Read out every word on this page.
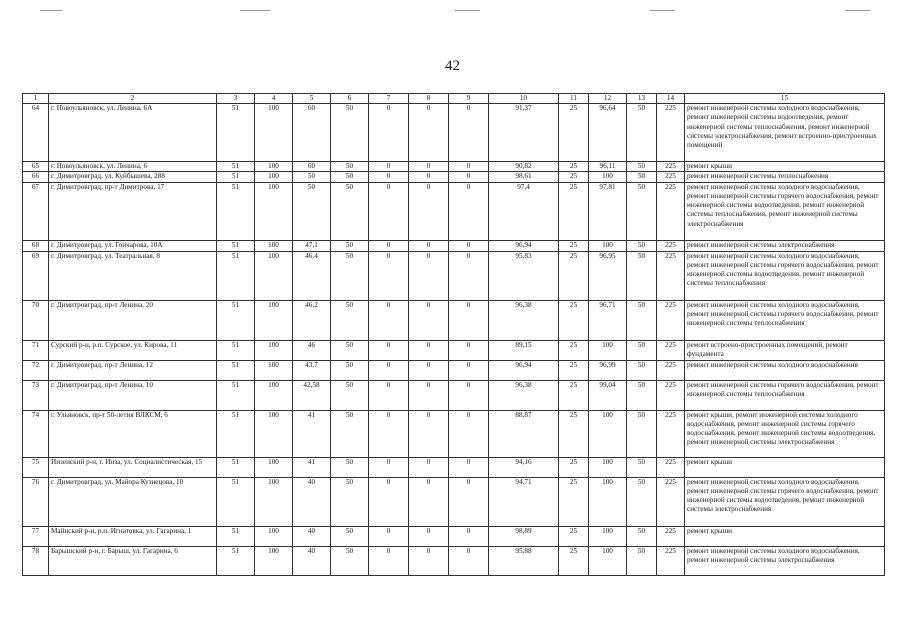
42
1	2	3	4	5	6	7	8	9	10	11	12	13	14	15
64	г. Новоульяновск, ул. Ленина, 6А	51	100	60	50	0	0	0	91,37	25	96,64	50	225	ремонт инженерной системы холодного водоснабжения, ремонт инженерной системы водоотведения, ремонт инженерной системы теплоснабжения, ремонт инженерной системы электроснабжения, ремонт встроенно-пристроенных помещений
65	г. Новоульяновск, ул. Ленина, 6	51	100	60	50	0	0	0	90,82	25	96,11	50	225	ремонт крыши
66	г. Димитровград, ул. Куйбышева, 288	51	100	50	50	0	0	0	98,61	25	100	50	225	ремонт инженерной системы теплоснабжения
67	г. Димитровград, пр-т Димитрова, 17	51	100	50	50	0	0	0	97,4	25	97,81	50	225	ремонт инженерной системы холодного водоснабжения, ремонт инженерной системы горячего водоснабжения, ремонт инженерной системы водоотведения, ремонт инженерной системы теплоснабжения, ремонт инженерной системы электроснабжения
68	г. Димитровград, ул. Гончарова, 10А	51	100	47,1	50	0	0	0	96,94	25	100	50	225	ремонт инженерной системы электроснабжения
69	г. Димитровград, ул. Театральная, 8	51	100	46,4	50	0	0	0	95,83	25	96,95	50	225	ремонт инженерной системы холодного водоснабжения, ремонт инженерной системы горячего водоснабжения, ремонт инженерной системы водоотведения, ремонт инженерной системы теплоснабжения
70	г. Димитровград, пр-т Ленина, 20	51	100	46,2	50	0	0	0	96,38	25	96,71	50	225	ремонт инженерной системы холодного водоснабжения, ремонт инженерной системы горячего водоснабжения, ремонт инженерной системы теплоснабжения
71	Сурский р-н, р.п. Сурское, ул. Кирова, 11	51	100	46	50	0	0	0	89,15	25	100	50	225	ремонт встроено-пристроенных помещений, ремонт фундамента
72	г. Димитровград, пр-т Ленина, 12	51	100	43,7	50	0	0	0	96,94	25	96,99	50	225	ремонт инженерной системы холодного водоснабжения
73	г. Димитровград, пр-т Ленина, 10	51	100	42,58	50	0	0	0	96,38	25	99,04	50	225	ремонт инженерной системы горячего водоснабжения, ремонт инженерной системы теплоснабжения
74	г. Ульяновск, пр-т 50-летия ВЛКСМ, 6	51	100	41	50	0	0	0	88,87	25	100	50	225	ремонт крыши, ремонт инженерной системы холодного водоснабжения, ремонт инженерной системы горячего водоснабжения, ремонт инженерной системы водоотведения, ремонт инженерной системы электроснабжения
75	Инзенский р-н, г. Инза, ул. Социалистическая, 15	51	100	41	50	0	0	0	94,16	25	100	50	225	ремонт крыши
76	г. Димитровград, ул. Майора Кузнецова, 10	51	100	40	50	0	0	0	94,71	25	100	50	225	ремонт инженерной системы холодного водоснабжения, ремонт инженерной системы горячего водоснабжения, ремонт инженерной системы водоотведения, ремонт инженерной системы электроснабжения
77	Майнский р-н, р.п. Игнатовка, ул. Гагарина, 1	51	100	40	50	0	0	0	98,89	25	100	50	225	ремонт крыши
78	Барышский р-н, г. Барыш, ул. Гагарина, 6	51	100	40	50	0	0	0	95,88	25	100	50	225	ремонт инженерной системы холодного водоснабжения, ремонт инженерной системы электроснабжения
